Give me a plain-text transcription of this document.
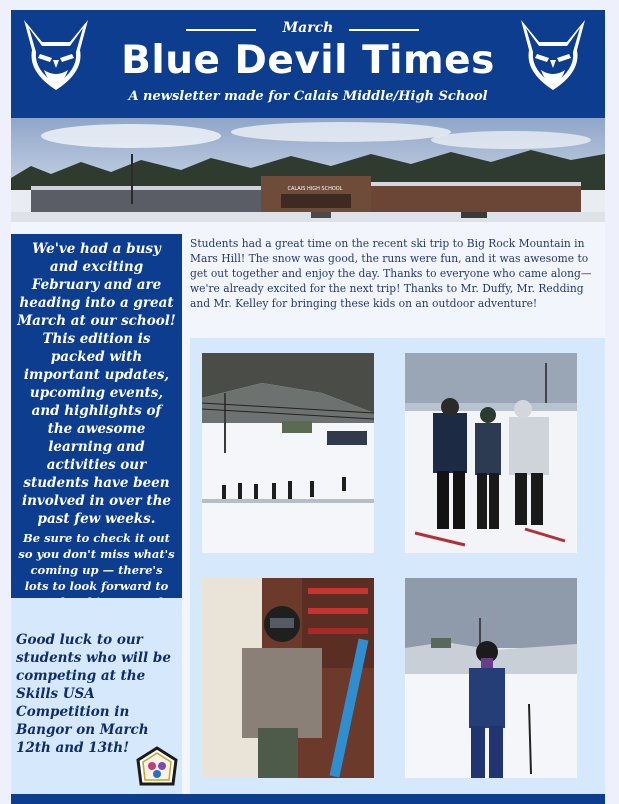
March
Blue Devil Times
A newsletter made for Calais Middle/High School
CALAIS HIGH SCHOOL

We've had a busy and exciting February and are heading into a great March at our school! This edition is packed with important updates, upcoming events, and highlights of the awesome learning and activities our students have been involved in over the past few weeks.

Be sure to check it out so you don't miss what's coming up — there's lots to look forward to

Good luck to our students who will be competing at the Skills USA Competition in Bangor on March 12th and 13th!

Students had a great time on the recent ski trip to Big Rock Mountain in Mars Hill! The snow was good, the runs were fun, and it was awesome to get out together and enjoy the day. Thanks to everyone who came along—we're already excited for the next trip! Thanks to Mr. Duffy, Mr. Redding and Mr. Kelley for bringing these kids on an outdoor adventure!
